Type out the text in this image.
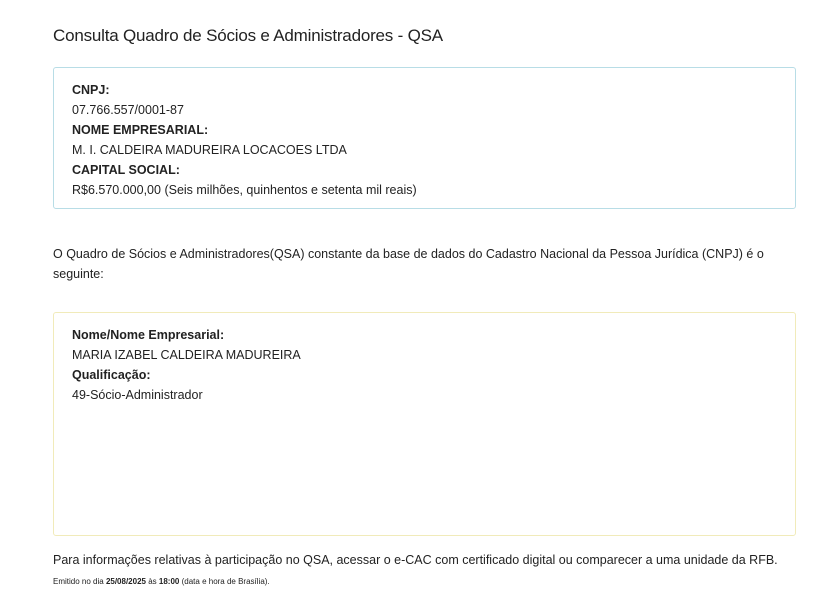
Consulta Quadro de Sócios e Administradores - QSA
CNPJ:
07.766.557/0001-87
NOME EMPRESARIAL:
M. I. CALDEIRA MADUREIRA LOCACOES LTDA
CAPITAL SOCIAL:
R$6.570.000,00 (Seis milhões, quinhentos e setenta mil reais)
O Quadro de Sócios e Administradores(QSA) constante da base de dados do Cadastro Nacional da Pessoa Jurídica (CNPJ) é o seguinte:
Nome/Nome Empresarial:
MARIA IZABEL CALDEIRA MADUREIRA
Qualificação:
49-Sócio-Administrador
Para informações relativas à participação no QSA, acessar o e-CAC com certificado digital ou comparecer a uma unidade da RFB.
Emitido no dia 25/08/2025 às 18:00 (data e hora de Brasília).
